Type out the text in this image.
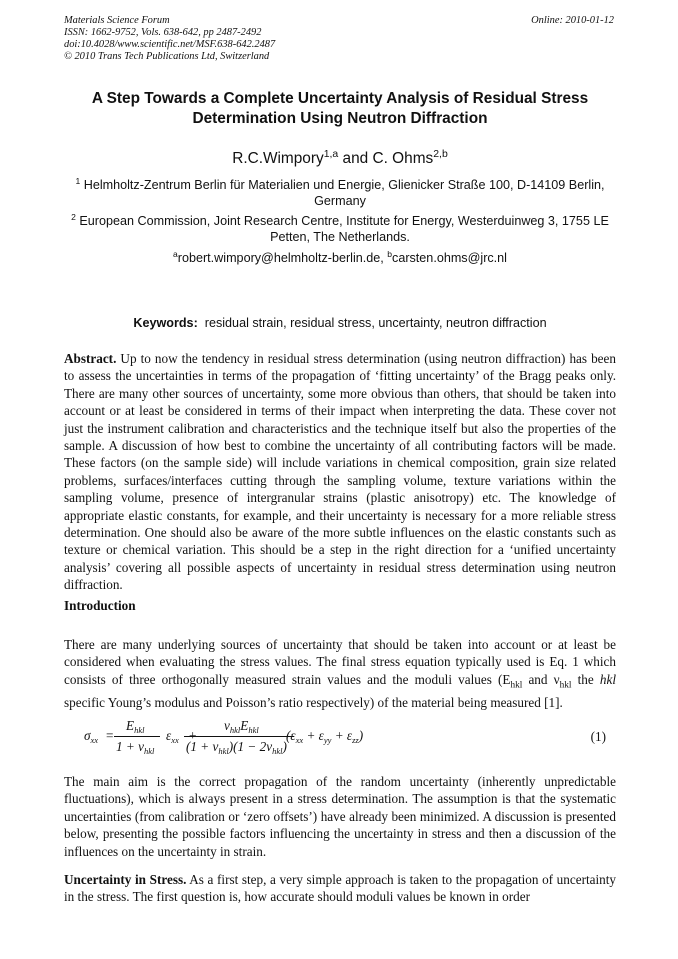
Materials Science Forum
ISSN: 1662-9752, Vols. 638-642, pp 2487-2492
doi:10.4028/www.scientific.net/MSF.638-642.2487
© 2010 Trans Tech Publications Ltd, Switzerland
Online: 2010-01-12
A Step Towards a Complete Uncertainty Analysis of Residual Stress
Determination Using Neutron Diffraction
R.C.Wimpory$^{1,a}$ and C. Ohms$^{2,b}$
$^1$ Helmholtz-Zentrum Berlin für Materialien und Energie, Glienicker Straße 100, D-14109 Berlin, Germany
$^2$ European Commission, Joint Research Centre, Institute for Energy, Westerduinweg 3, 1755 LE Petten, The Netherlands.
$^a$robert.wimpory@helmholtz-berlin.de, $^b$carsten.ohms@jrc.nl
Keywords:  residual strain, residual stress, uncertainty, neutron diffraction
Abstract. Up to now the tendency in residual stress determination (using neutron diffraction) has been to assess the uncertainties in terms of the propagation of ‘fitting uncertainty’ of the Bragg peaks only. There are many other sources of uncertainty, some more obvious than others, that should be taken into account or at least be considered in terms of their impact when interpreting the data. These cover not just the instrument calibration and characteristics and the technique itself but also the properties of the sample. A discussion of how best to combine the uncertainty of all contributing factors will be made. These factors (on the sample side) will include variations in chemical composition, grain size related problems, surfaces/interfaces cutting through the sampling volume, texture variations within the sampling volume, presence of intergranular strains (plastic anisotropy) etc. The knowledge of appropriate elastic constants, for example, and their uncertainty is necessary for a more reliable stress determination. One should also be aware of the more subtle influences on the elastic constants such as texture or chemical variation. This should be a step in the right direction for a ‘unified uncertainty analysis’ covering all possible aspects of uncertainty in residual stress determination using neutron diffraction.
Introduction
There are many underlying sources of uncertainty that should be taken into account or at least be considered when evaluating the stress values. The final stress equation typically used is Eq. 1 which consists of three orthogonally measured strain values and the moduli values ($E_{hkl}$ and $\nu_{hkl}$ the hkl specific Young’s modulus and Poisson’s ratio respectively) of the material being measured [1].
$\sigma_{xx}$ =
$E_{hkl}$
$1 + \nu_{hkl}$
$\varepsilon_{xx}$ +
$\nu_{hkl}E_{hkl}$
$(1 + \nu_{hkl})(1 - 2\nu_{hkl})$
$(\varepsilon_{xx} + \varepsilon_{yy} + \varepsilon_{zz})$	(1)
The main aim is the correct propagation of the random uncertainty (inherently unpredictable fluctuations), which is always present in a stress determination. The assumption is that the systematic uncertainties (from calibration or ‘zero offsets’) have already been minimized. A discussion is presented below, presenting the possible factors influencing the uncertainty in stress and then a discussion of the influences on the uncertainty in strain.
Uncertainty in Stress. As a first step, a very simple approach is taken to the propagation of uncertainty in the stress. The first question is, how accurate should moduli values be known in order
